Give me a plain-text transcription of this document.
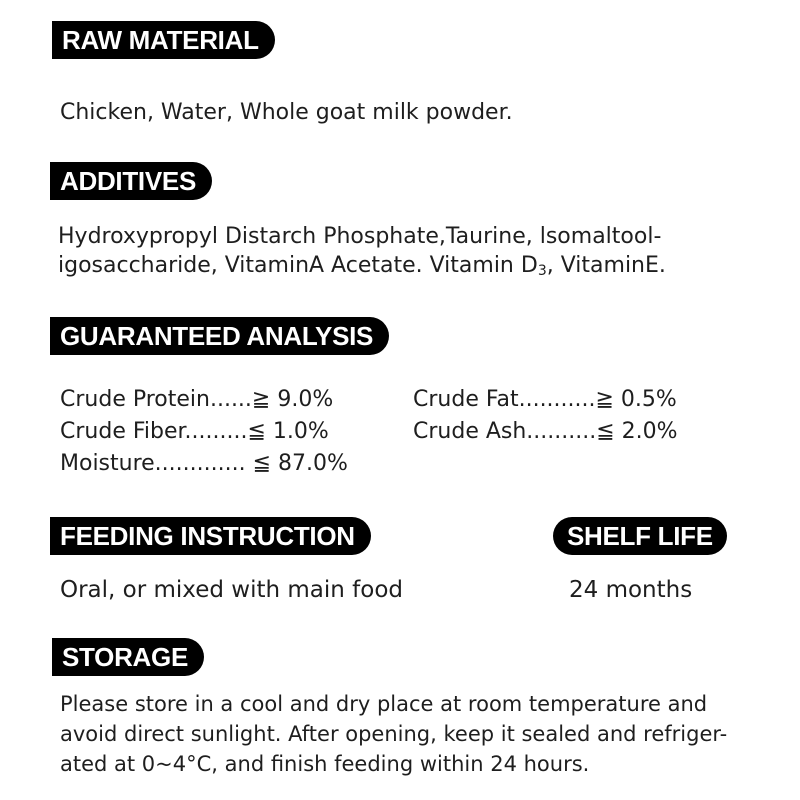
RAW MATERIAL
Chicken, Water, Whole goat milk powder.
ADDITIVES
Hydroxypropyl Distarch Phosphate,Taurine, lsomaltool-
igosaccharide, VitaminA Acetate. Vitamin $D_3$, VitaminE.
GUARANTEED ANALYSIS
Crude Protein......≧ 9.0%
Crude Fiber.........≦ 1.0%
Moisture............. ≦ 87.0%
Crude Fat...........≧ 0.5%
Crude Ash..........≦ 2.0%
FEEDING INSTRUCTION
Oral, or mixed with main food
SHELF LIFE
24 months
STORAGE
Please store in a cool and dry place at room temperature and
avoid direct sunlight. After opening, keep it sealed and refriger-
ated at 0~4°C, and finish feeding within 24 hours.
